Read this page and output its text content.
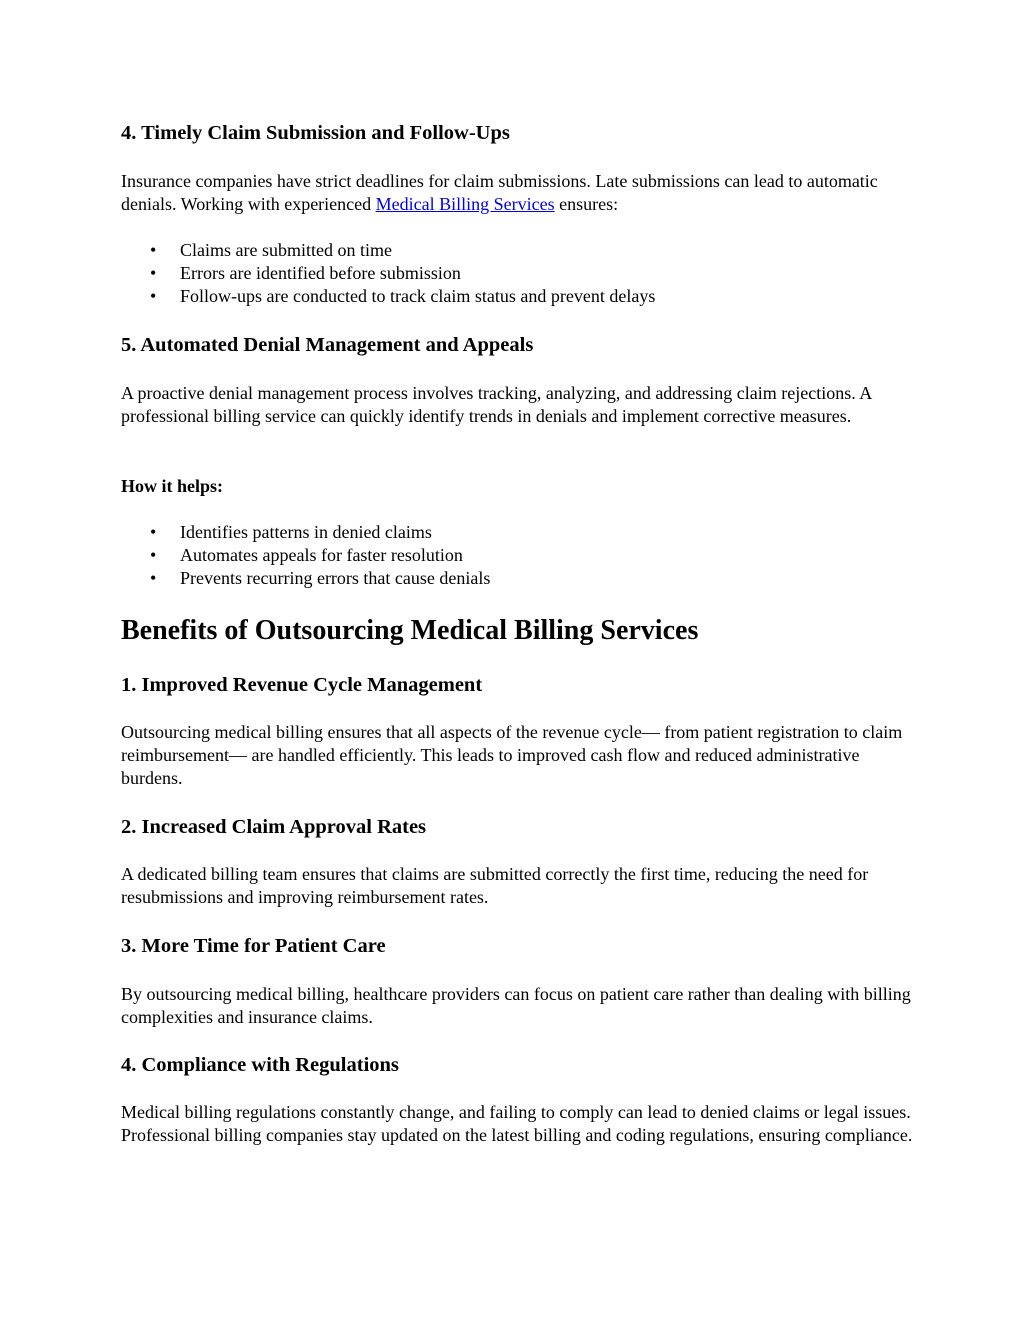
4. Timely Claim Submission and Follow-Ups

Insurance companies have strict deadlines for claim submissions. Late submissions can lead to automatic denials. Working with experienced Medical Billing Services ensures:

• Claims are submitted on time
• Errors are identified before submission
• Follow-ups are conducted to track claim status and prevent delays
5. Automated Denial Management and Appeals

A proactive denial management process involves tracking, analyzing, and addressing claim rejections. A professional billing service can quickly identify trends in denials and implement corrective measures.

How it helps:

• Identifies patterns in denied claims
• Automates appeals for faster resolution
• Prevents recurring errors that cause denials
Benefits of Outsourcing Medical Billing Services
1. Improved Revenue Cycle Management

Outsourcing medical billing ensures that all aspects of the revenue cycle— from patient registration to claim reimbursement— are handled efficiently. This leads to improved cash flow and reduced administrative burdens.

2. Increased Claim Approval Rates

A dedicated billing team ensures that claims are submitted correctly the first time, reducing the need for resubmissions and improving reimbursement rates.

3. More Time for Patient Care

By outsourcing medical billing, healthcare providers can focus on patient care rather than dealing with billing complexities and insurance claims.

4. Compliance with Regulations

Medical billing regulations constantly change, and failing to comply can lead to denied claims or legal issues. Professional billing companies stay updated on the latest billing and coding regulations, ensuring compliance.
